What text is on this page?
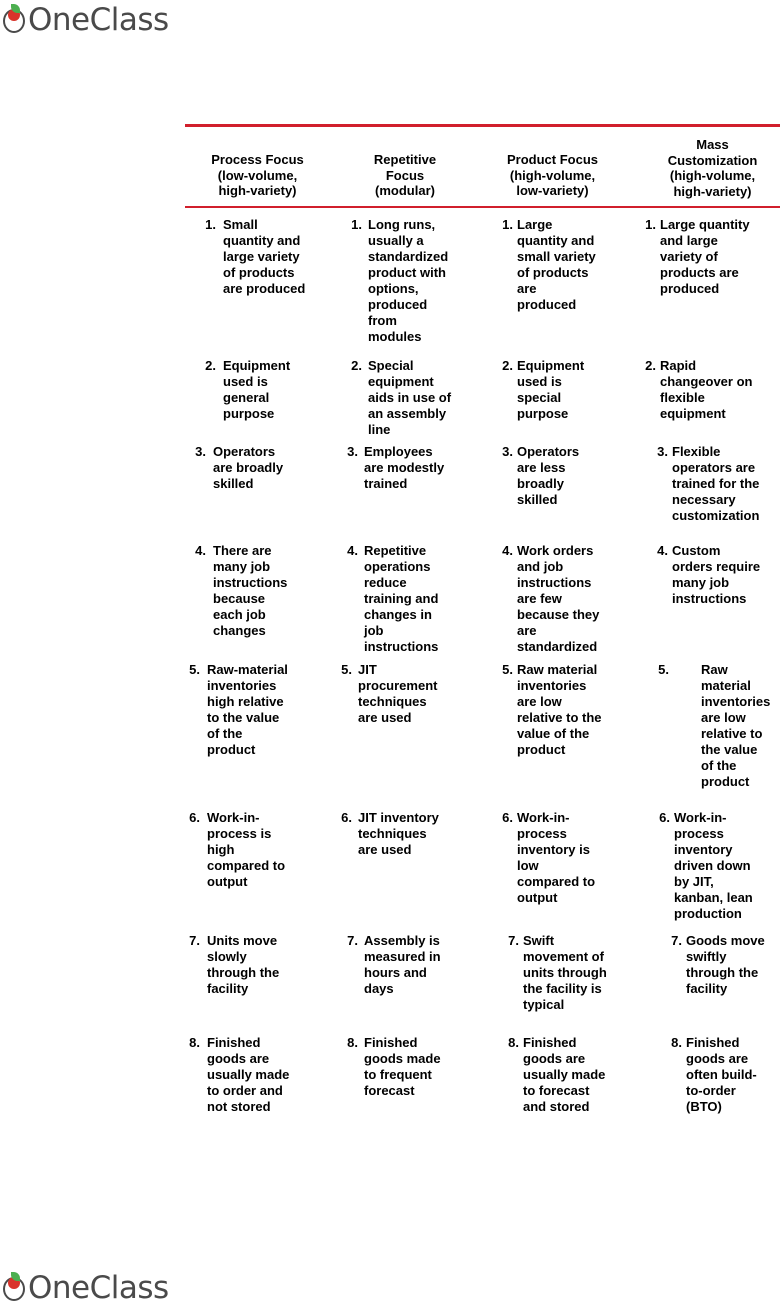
OneClass
Process Focus
(low-volume,
high-variety)
Repetitive
Focus
(modular)
Product Focus
(high-volume,
low-variety)
Mass
Customization
(high-volume,
high-variety)
1. Small
quantity and
large variety
of products
are produced
1. Long runs,
usually a
standardized
product with
options,
produced
from
modules
1. Large
quantity and
small variety
of products
are
produced
1. Large quantity
and large
variety of
products are
produced
2. Equipment
used is
general
purpose
2. Special
equipment
aids in use of
an assembly
line
2. Equipment
used is
special
purpose
2. Rapid
changeover on
flexible
equipment
3. Operators
are broadly
skilled
3. Employees
are modestly
trained
3. Operators
are less
broadly
skilled
3. Flexible
operators are
trained for the
necessary
customization
4. There are
many job
instructions
because
each job
changes
4. Repetitive
operations
reduce
training and
changes in
job
instructions
4. Work orders
and job
instructions
are few
because they
are
standardized
4. Custom
orders require
many job
instructions
5. Raw-material
inventories
high relative
to the value
of the
product
5. JIT
procurement
techniques
are used
5. Raw material
inventories
are low
relative to the
value of the
product
5. Raw
material
inventories
are low
relative to
the value
of the
product
6. Work-in-
process is
high
compared to
output
6. JIT inventory
techniques
are used
6. Work-in-
process
inventory is
low
compared to
output
6. Work-in-
process
inventory
driven down
by JIT,
kanban, lean
production
7. Units move
slowly
through the
facility
7. Assembly is
measured in
hours and
days
7. Swift
movement of
units through
the facility is
typical
7. Goods move
swiftly
through the
facility
8. Finished
goods are
usually made
to order and
not stored
8. Finished
goods made
to frequent
forecast
8. Finished
goods are
usually made
to forecast
and stored
8. Finished
goods are
often build-
to-order
(BTO)
OneClass
